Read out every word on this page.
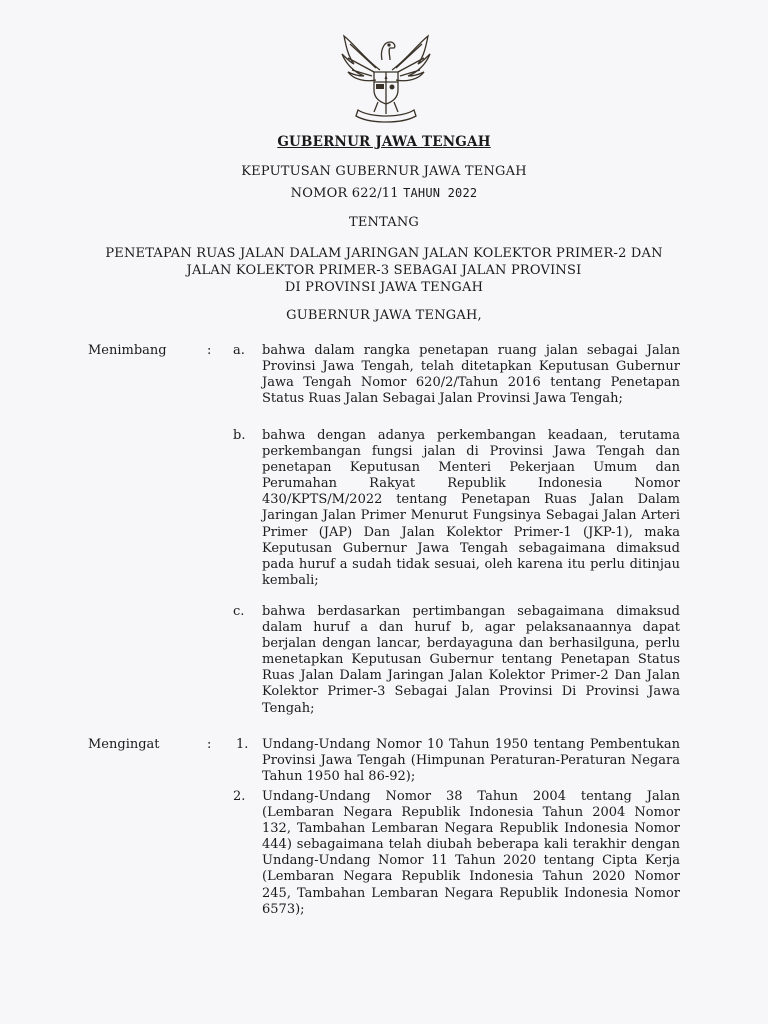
GUBERNUR JAWA TENGAH
KEPUTUSAN GUBERNUR JAWA TENGAH
NOMOR 622/11 TAHUN 2022
TENTANG
PENETAPAN RUAS JALAN DALAM JARINGAN JALAN KOLEKTOR PRIMER-2 DAN
JALAN KOLEKTOR PRIMER-3 SEBAGAI JALAN PROVINSI
DI PROVINSI JAWA TENGAH
GUBERNUR JAWA TENGAH,
Menimbang	: a. bahwa dalam rangka penetapan ruang jalan sebagai Jalan Provinsi Jawa Tengah, telah ditetapkan Keputusan Gubernur Jawa Tengah Nomor 620/2/Tahun 2016 tentang Penetapan Status Ruas Jalan Sebagai Jalan Provinsi Jawa Tengah;
b. bahwa dengan adanya perkembangan keadaan, terutama perkembangan fungsi jalan di Provinsi Jawa Tengah dan penetapan Keputusan Menteri Pekerjaan Umum dan Perumahan Rakyat Republik Indonesia Nomor 430/KPTS/M/2022 tentang Penetapan Ruas Jalan Dalam Jaringan Jalan Primer Menurut Fungsinya Sebagai Jalan Arteri Primer (JAP) Dan Jalan Kolektor Primer-1 (JKP-1), maka Keputusan Gubernur Jawa Tengah sebagaimana dimaksud pada huruf a sudah tidak sesuai, oleh karena itu perlu ditinjau kembali;
c. bahwa berdasarkan pertimbangan sebagaimana dimaksud dalam huruf a dan huruf b, agar pelaksanaannya dapat berjalan dengan lancar, berdayaguna dan berhasilguna, perlu menetapkan Keputusan Gubernur tentang Penetapan Status Ruas Jalan Dalam Jaringan Jalan Kolektor Primer-2 Dan Jalan Kolektor Primer-3 Sebagai Jalan Provinsi Di Provinsi Jawa Tengah;
Mengingat	: 1. Undang-Undang Nomor 10 Tahun 1950 tentang Pembentukan Provinsi Jawa Tengah (Himpunan Peraturan-Peraturan Negara Tahun 1950 hal 86-92);
2. Undang-Undang Nomor 38 Tahun 2004 tentang Jalan (Lembaran Negara Republik Indonesia Tahun 2004 Nomor 132, Tambahan Lembaran Negara Republik Indonesia Nomor 444) sebagaimana telah diubah beberapa kali terakhir dengan Undang-Undang Nomor 11 Tahun 2020 tentang Cipta Kerja (Lembaran Negara Republik Indonesia Tahun 2020 Nomor 245, Tambahan Lembaran Negara Republik Indonesia Nomor 6573);
